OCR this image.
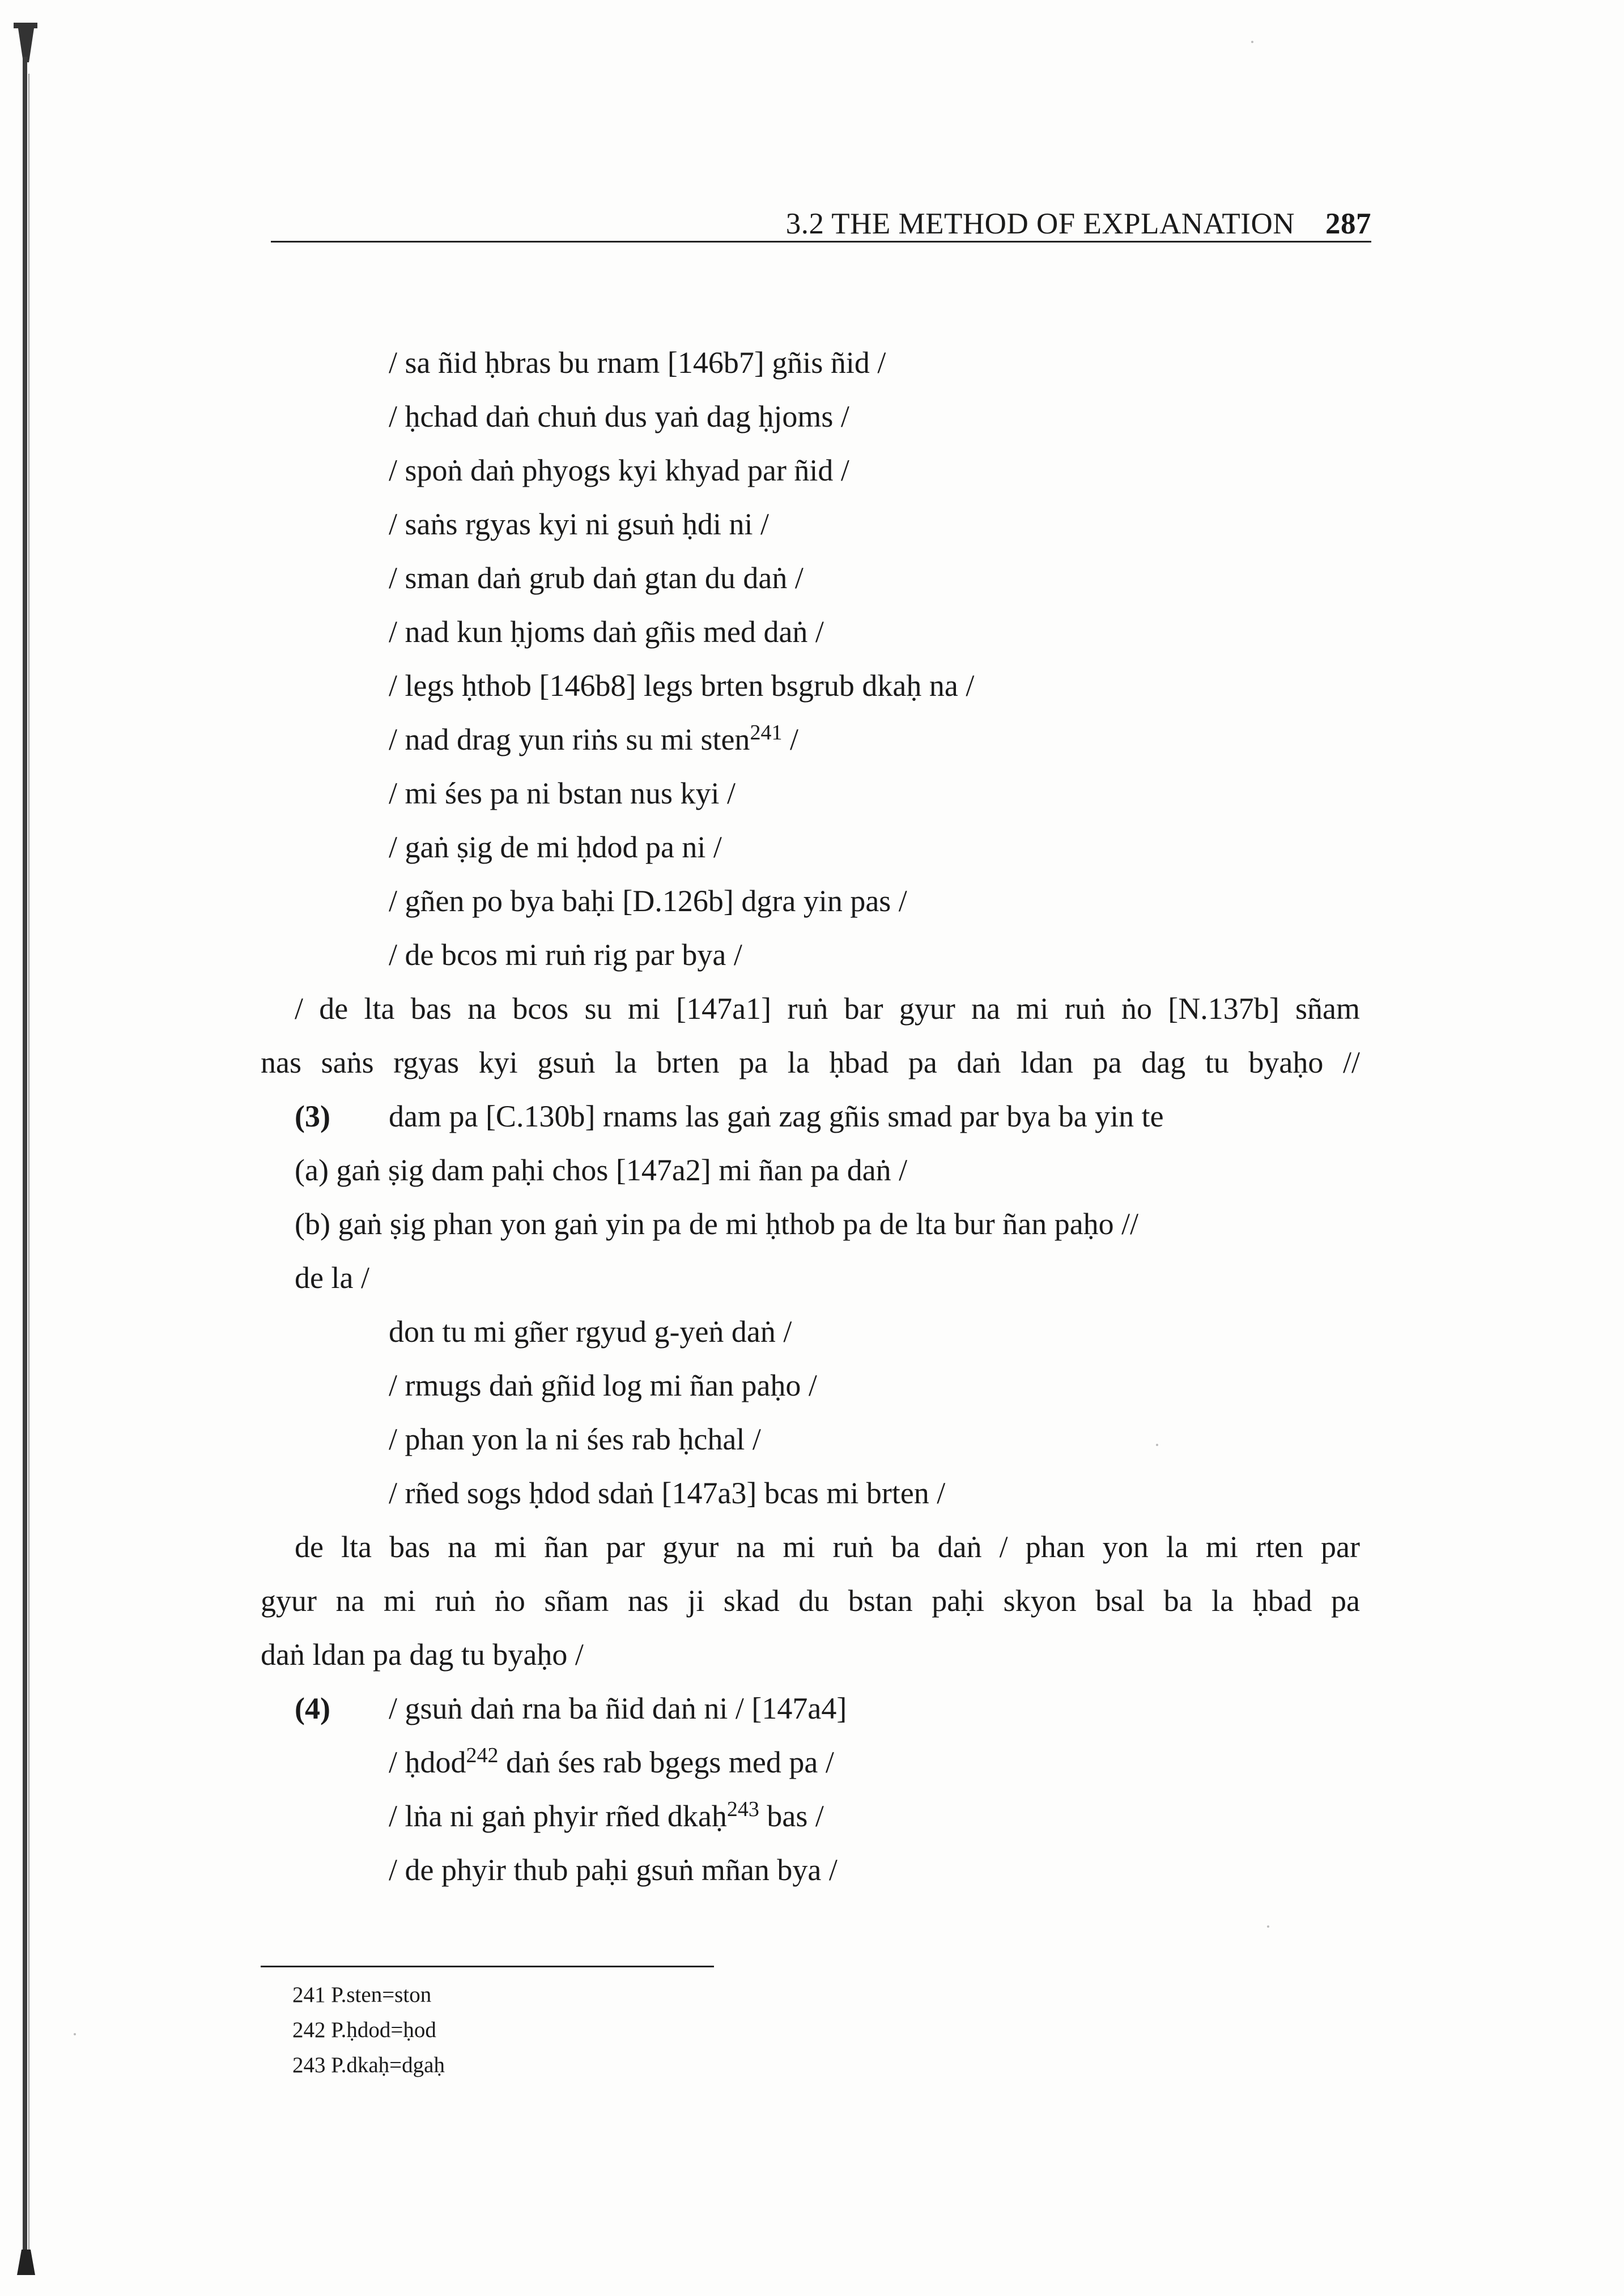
3.2 THE METHOD OF EXPLANATION 287
/ sa ñid ḥbras bu rnam [146b7] gñis ñid /
/ ḥchad daṅ chuṅ dus yaṅ dag ḥjoms /
/ spoṅ daṅ phyogs kyi khyad par ñid /
/ saṅs rgyas kyi ni gsuṅ ḥdi ni /
/ sman daṅ grub daṅ gtan du daṅ /
/ nad kun ḥjoms daṅ gñis med daṅ /
/ legs ḥthob [146b8] legs brten bsgrub dkaḥ na /
/ nad drag yun riṅs su mi sten$^{241}$ /
/ mi śes pa ni bstan nus kyi /
/ gaṅ ṣig de mi ḥdod pa ni /
/ gñen po bya baḥi [D.126b] dgra yin pas /
/ de bcos mi ruṅ rig par bya /
/ de lta bas na bcos su mi [147a1] ruṅ bar gyur na mi ruṅ ṅo [N.137b] sñam
nas saṅs rgyas kyi gsuṅ la brten pa la ḥbad pa daṅ ldan pa dag tu byaḥo //
(3) dam pa [C.130b] rnams las gaṅ zag gñis smad par bya ba yin te
(a) gaṅ ṣig dam paḥi chos [147a2] mi ñan pa daṅ /
(b) gaṅ ṣig phan yon gaṅ yin pa de mi ḥthob pa de lta bur ñan paḥo //
de la /
don tu mi gñer rgyud g-yeṅ daṅ /
/ rmugs daṅ gñid log mi ñan paḥo /
/ phan yon la ni śes rab ḥchal /
/ rñed sogs ḥdod sdaṅ [147a3] bcas mi brten /
de lta bas na mi ñan par gyur na mi ruṅ ba daṅ / phan yon la mi rten par
gyur na mi ruṅ ṅo sñam nas ji skad du bstan paḥi skyon bsal ba la ḥbad pa
daṅ ldan pa dag tu byaḥo /
(4) / gsuṅ daṅ rna ba ñid daṅ ni / [147a4]
/ ḥdod$^{242}$ daṅ śes rab bgegs med pa /
/ lṅa ni gaṅ phyir rñed dkaḥ$^{243}$ bas /
/ de phyir thub paḥi gsuṅ mñan bya /
241 P.sten=ston
242 P.ḥdod=ḥod
243 P.dkaḥ=dgaḥ
